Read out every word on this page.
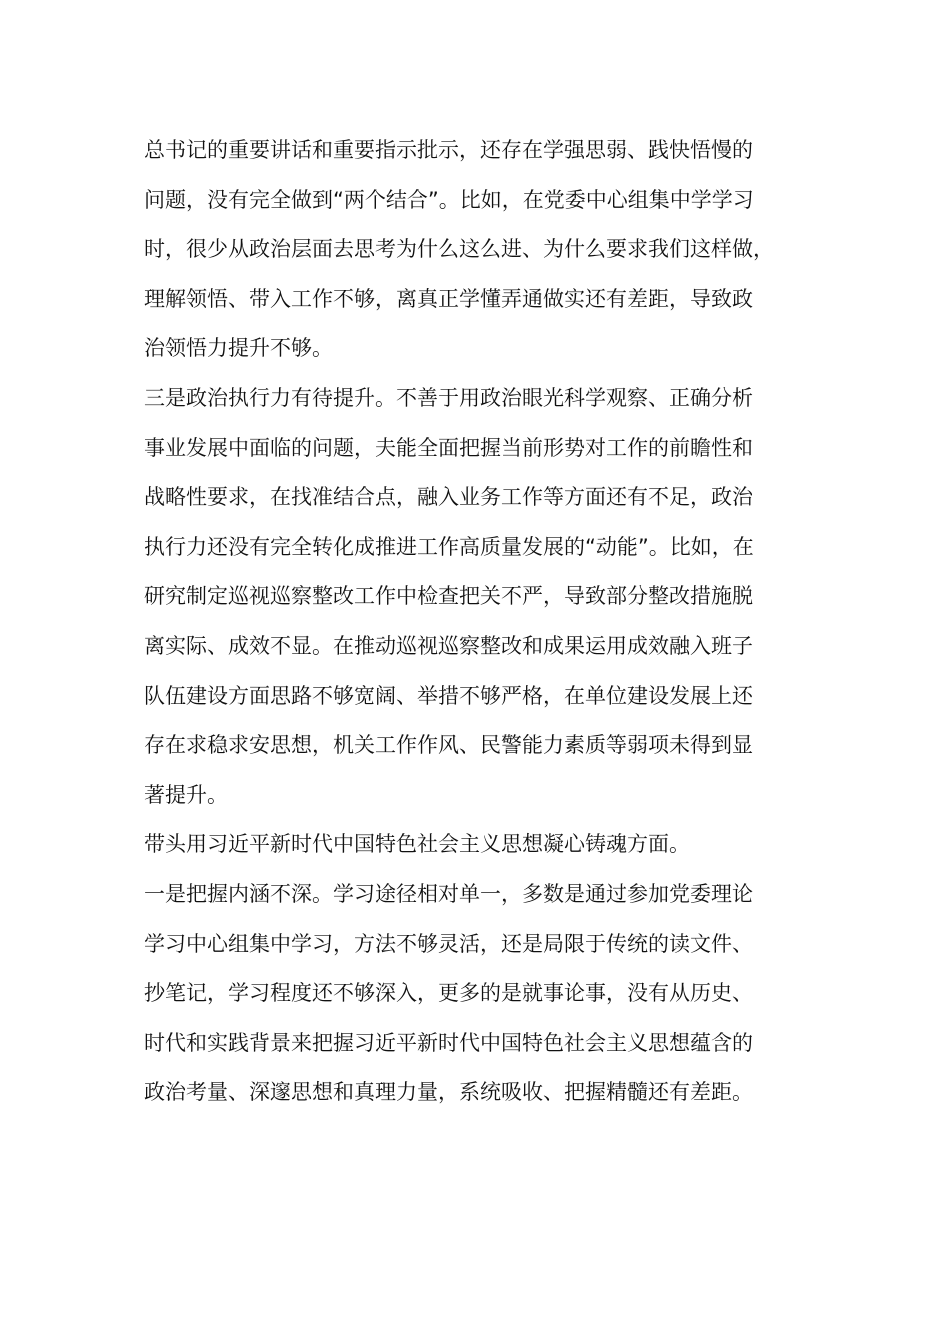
总书记的重要讲话和重要指示批示，还存在学强思弱、践快悟慢的
问题，没有完全做到“两个结合”。比如，在党委中心组集中学学习
时，很少从政治层面去思考为什么这么进、为什么要求我们这样做，
理解领悟、带入工作不够，离真正学懂弄通做实还有差距，导致政
治领悟力提升不够。

三是政治执行力有待提升。不善于用政治眼光科学观察、正确分析
事业发展中面临的问题，夫能全面把握当前形势对工作的前瞻性和
战略性要求，在找准结合点，融入业务工作等方面还有不足，政治
执行力还没有完全转化成推进工作高质量发展的“动能”。比如，在
研究制定巡视巡察整改工作中检查把关不严，导致部分整改措施脱
离实际、成效不显。在推动巡视巡察整改和成果运用成效融入班子
队伍建设方面思路不够宽阔、举措不够严格，在单位建设发展上还
存在求稳求安思想，机关工作作风、民警能力素质等弱项未得到显
著提升。

带头用习近平新时代中国特色社会主义思想凝心铸魂方面。

一是把握内涵不深。学习途径相对单一，多数是通过参加党委理论
学习中心组集中学习，方法不够灵活，还是局限于传统的读文件、
抄笔记，学习程度还不够深入，更多的是就事论事，没有从历史、
时代和实践背景来把握习近平新时代中国特色社会主义思想蕴含的
政治考量、深邃思想和真理力量，系统吸收、把握精髓还有差距。
